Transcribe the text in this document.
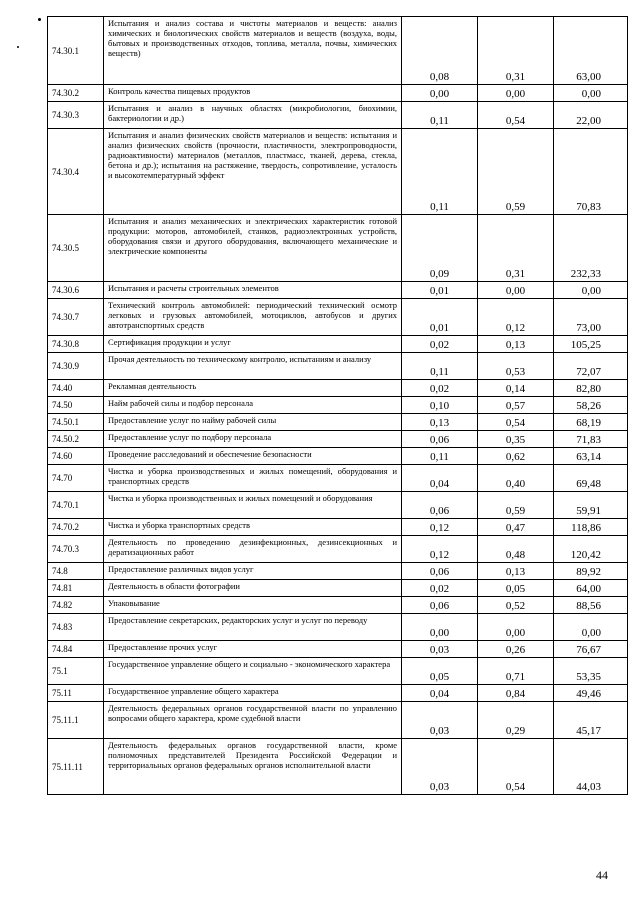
74.30.1	Испытания и анализ состава и чистоты материалов и веществ: анализ химических и биологических свойств материалов и веществ (воздуха, воды, бытовых и производственных отходов, топлива, металла, почвы, химических веществ)	0,08	0,31	63,00
74.30.2	Контроль качества пищевых продуктов	0,00	0,00	0,00
74.30.3	Испытания и анализ в научных областях (микробиологии, биохимии, бактериологии и др.)	0,11	0,54	22,00
74.30.4	Испытания и анализ физических свойств материалов и веществ: испытания и анализ физических свойств (прочности, пластичности, электропроводности, радиоактивности) материалов (металлов, пластмасс, тканей, дерева, стекла, бетона и др.); испытания на растяжение, твердость, сопротивление, усталость и высокотемпературный эффект	0,11	0,59	70,83
74.30.5	Испытания и анализ механических и электрических характеристик готовой продукции: моторов, автомобилей, станков, радиоэлектронных устройств, оборудования связи и другого оборудования, включающего механические и электрические компоненты	0,09	0,31	232,33
74.30.6	Испытания и расчеты строительных элементов	0,01	0,00	0,00
74.30.7	Технический контроль автомобилей: периодический технический осмотр легковых и грузовых автомобилей, мотоциклов, автобусов и других автотранспортных средств	0,01	0,12	73,00
74.30.8	Сертификация продукции и услуг	0,02	0,13	105,25
74.30.9	Прочая деятельность по техническому контролю, испытаниям и анализу	0,11	0,53	72,07
74.40	Рекламная деятельность	0,02	0,14	82,80
74.50	Найм рабочей силы и подбор персонала	0,10	0,57	58,26
74.50.1	Предоставление услуг по найму рабочей силы	0,13	0,54	68,19
74.50.2	Предоставление услуг по подбору персонала	0,06	0,35	71,83
74.60	Проведение расследований и обеспечение безопасности	0,11	0,62	63,14
74.70	Чистка и уборка производственных и жилых помещений, оборудования и транспортных средств	0,04	0,40	69,48
74.70.1	Чистка и уборка производственных и жилых помещений и оборудования	0,06	0,59	59,91
74.70.2	Чистка и уборка транспортных средств	0,12	0,47	118,86
74.70.3	Деятельность по проведению дезинфекционных, дезинсекционных и дератизационных работ	0,12	0,48	120,42
74.8	Предоставление различных видов услуг	0,06	0,13	89,92
74.81	Деятельность в области фотографии	0,02	0,05	64,00
74.82	Упаковывание	0,06	0,52	88,56
74.83	Предоставление секретарских, редакторских услуг и услуг по переводу	0,00	0,00	0,00
74.84	Предоставление прочих услуг	0,03	0,26	76,67
75.1	Государственное управление общего и социально - экономического характера	0,05	0,71	53,35
75.11	Государственное управление общего характера	0,04	0,84	49,46
75.11.1	Деятельность федеральных органов государственной власти по управлению вопросами общего характера, кроме судебной власти	0,03	0,29	45,17
75.11.11	Деятельность федеральных органов государственной власти, кроме полномочных представителей Президента Российской Федерации и территориальных органов федеральных органов исполнительной власти	0,03	0,54	44,03
44
